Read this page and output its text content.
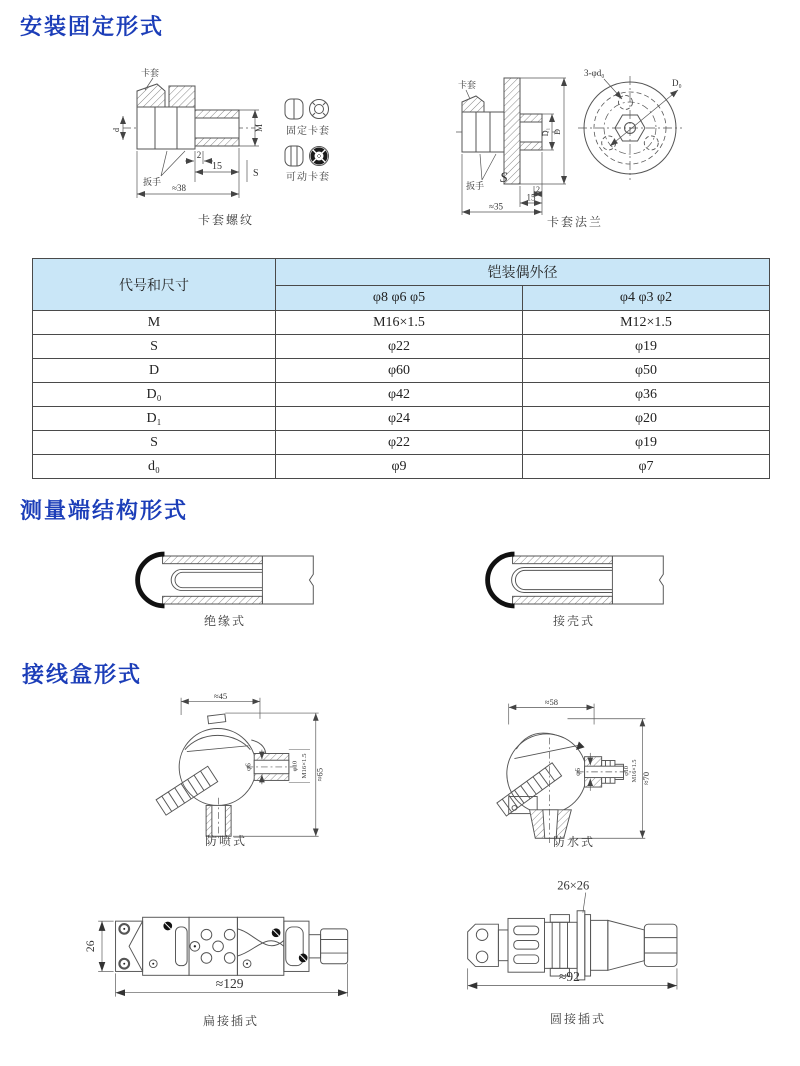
安装固定形式
卡套
扳手
2
15
S
≈38
M
d
卡套螺纹
固定卡套
可动卡套
卡套
扳手 S
D₁ D
2
15
≈35
3-φd₀
D₀
卡套法兰
代号和尺寸	铠装偶外径	
	φ8 φ6 φ5	φ4 φ3 φ2
M	M16×1.5	M12×1.5
S	φ22	φ19
D	φ60	φ50
D₀	φ42	φ36
D₁	φ24	φ20
S	φ22	φ19
d₀	φ9	φ7
测量端结构形式
绝缘式	接壳式
接线盒形式
φ6	φ10 M16×1.5
≈45
≈65
防喷式
φ6	φ10 M16×1.5
≈58
≈70
防水式
26
≈129
扁接插式
26×26
≈92
圆接插式
